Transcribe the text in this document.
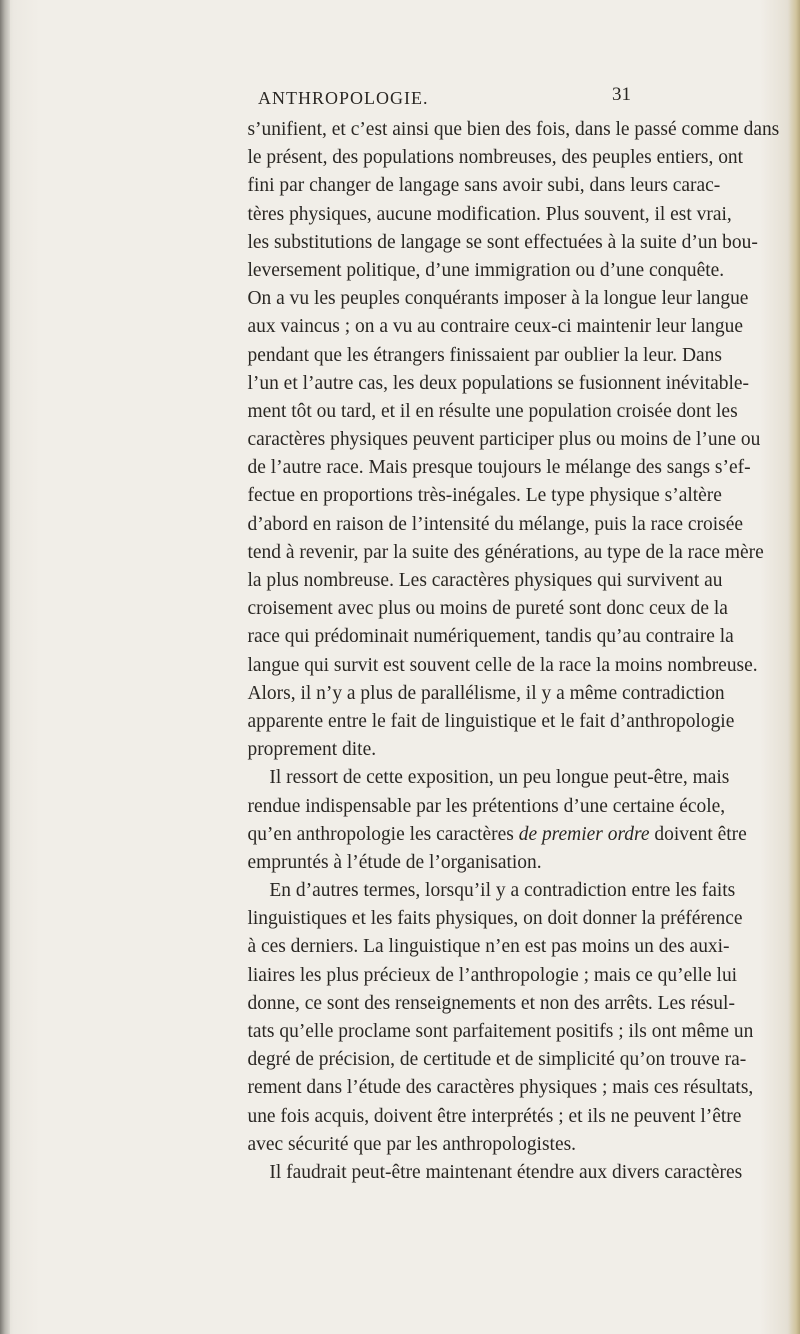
ANTHROPOLOGIE.	31
s’unifient, et c’est ainsi que bien des fois, dans le passé comme dans
le présent, des populations nombreuses, des peuples entiers, ont
fini par changer de langage sans avoir subi, dans leurs carac-
tères physiques, aucune modification. Plus souvent, il est vrai,
les substitutions de langage se sont effectuées à la suite d’un bou-
leversement politique, d’une immigration ou d’une conquête.
On a vu les peuples conquérants imposer à la longue leur langue
aux vaincus ; on a vu au contraire ceux-ci maintenir leur langue
pendant que les étrangers finissaient par oublier la leur. Dans
l’un et l’autre cas, les deux populations se fusionnent inévitable-
ment tôt ou tard, et il en résulte une population croisée dont les
caractères physiques peuvent participer plus ou moins de l’une ou
de l’autre race. Mais presque toujours le mélange des sangs s’ef-
fectue en proportions très-inégales. Le type physique s’altère
d’abord en raison de l’intensité du mélange, puis la race croisée
tend à revenir, par la suite des générations, au type de la race mère
la plus nombreuse. Les caractères physiques qui survivent au
croisement avec plus ou moins de pureté sont donc ceux de la
race qui prédominait numériquement, tandis qu’au contraire la
langue qui survit est souvent celle de la race la moins nombreuse.
Alors, il n’y a plus de parallélisme, il y a même contradiction
apparente entre le fait de linguistique et le fait d’anthropologie
proprement dite.
Il ressort de cette exposition, un peu longue peut-être, mais
rendue indispensable par les prétentions d’une certaine école,
qu’en anthropologie les caractères de premier ordre doivent être
empruntés à l’étude de l’organisation.
En d’autres termes, lorsqu’il y a contradiction entre les faits
linguistiques et les faits physiques, on doit donner la préférence
à ces derniers. La linguistique n’en est pas moins un des auxi-
liaires les plus précieux de l’anthropologie ; mais ce qu’elle lui
donne, ce sont des renseignements et non des arrêts. Les résul-
tats qu’elle proclame sont parfaitement positifs ; ils ont même un
degré de précision, de certitude et de simplicité qu’on trouve ra-
rement dans l’étude des caractères physiques ; mais ces résultats,
une fois acquis, doivent être interprétés ; et ils ne peuvent l’être
avec sécurité que par les anthropologistes.
Il faudrait peut-être maintenant étendre aux divers caractères
